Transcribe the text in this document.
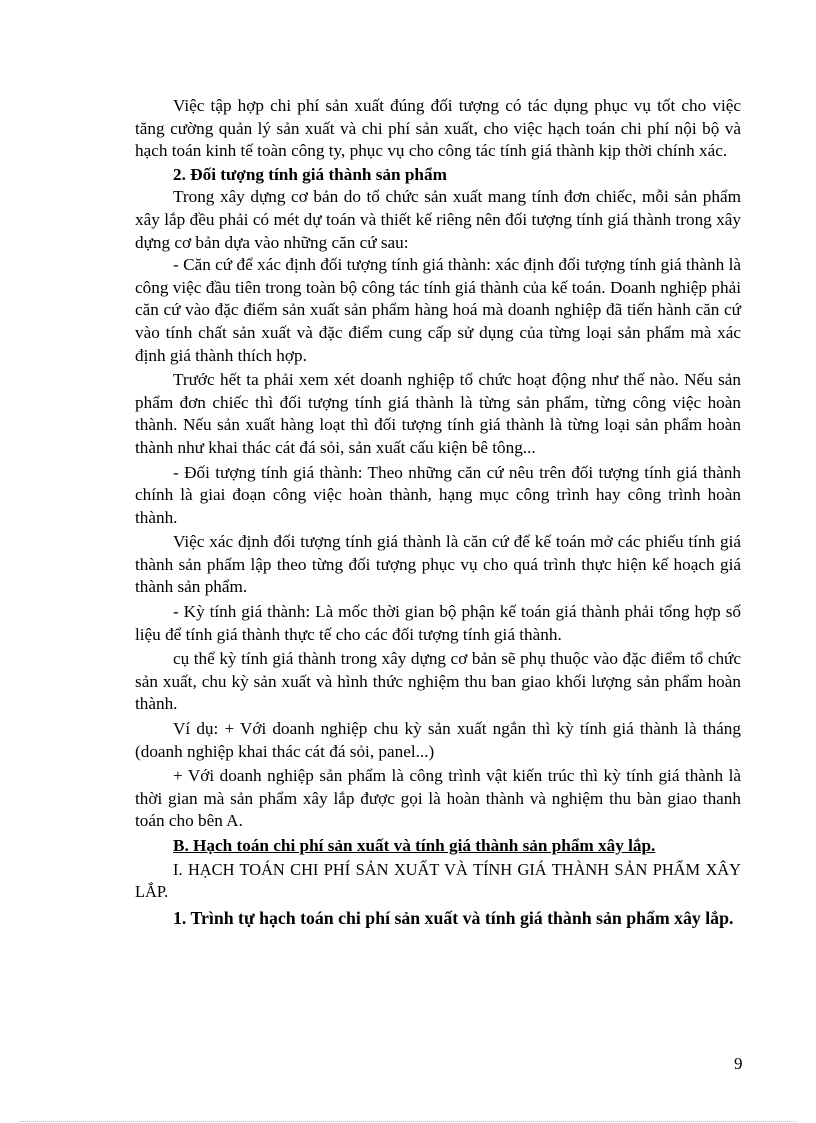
Việc tập hợp chi phí sản xuất đúng đối tượng có tác dụng phục vụ tốt cho việc tăng cường quản lý sản xuất và chi phí sản xuất, cho việc hạch toán chi phí nội bộ và hạch toán kinh tế toàn công ty, phục vụ cho công tác tính giá thành kịp thời chính xác.

2. Đối tượng tính giá thành sản phẩm

Trong xây dựng cơ bản do tổ chức sản xuất mang tính đơn chiếc, mỗi sản phẩm xây lắp đều phải có mét dự toán và thiết kế riêng nên đối tượng tính giá thành trong xây dựng cơ bản dựa vào những căn cứ sau:

- Căn cứ để xác định đối tượng tính giá thành: xác định đối tượng tính giá thành là công việc đầu tiên trong toàn bộ công tác tính giá thành của kế toán. Doanh nghiệp phải căn cứ vào đặc điểm sản xuất sản phẩm hàng hoá mà doanh nghiệp đã tiến hành căn cứ vào tính chất sản xuất và đặc điểm cung cấp sử dụng của từng loại sản phẩm mà xác định giá thành thích hợp.

Trước hết ta phải xem xét doanh nghiệp tổ chức hoạt động như thế nào. Nếu sản phẩm đơn chiếc thì đối tượng tính giá thành là từng sản phẩm, từng công việc hoàn thành. Nếu sản xuất hàng loạt thì đối tượng tính giá thành là từng loại sản phẩm hoàn thành như khai thác cát đá sỏi, sản xuất cấu kiện bê tông...

- Đối tượng tính giá thành: Theo những căn cứ nêu trên đối tượng tính giá thành chính là giai đoạn công việc hoàn thành, hạng mục công trình hay công trình hoàn thành.

Việc xác định đối tượng tính giá thành là căn cứ để kế toán mở các phiếu tính giá thành sản phẩm lập theo từng đối tượng phục vụ cho quá trình thực hiện kế hoạch giá thành sản phẩm.

- Kỳ tính giá thành: Là mốc thời gian bộ phận kế toán giá thành phải tổng hợp số liệu để tính giá thành thực tế cho các đối tượng tính giá thành.

cụ thể kỳ tính giá thành trong xây dựng cơ bản sẽ phụ thuộc vào đặc điểm tổ chức sản xuất, chu kỳ sản xuất và hình thức nghiệm thu ban giao khối lượng sản phẩm hoàn thành.

Ví dụ: + Với doanh nghiệp chu kỳ sản xuất ngắn thì kỳ tính giá thành là tháng (doanh nghiệp khai thác cát đá sỏi, panel...)

+ Với doanh nghiệp sản phẩm là công trình vật kiến trúc thì kỳ tính giá thành là thời gian mà sản phẩm xây lắp được gọi là hoàn thành và nghiệm thu bàn giao thanh toán cho bên A.

B. Hạch toán chi phí sản xuất và tính giá thành sản phẩm xây lắp.

I. HẠCH TOÁN CHI PHÍ SẢN XUẤT VÀ TÍNH GIÁ THÀNH SẢN PHẨM XÂY LẮP.

1. Trình tự hạch toán chi phí sản xuất và tính giá thành sản phẩm xây lắp.

9
